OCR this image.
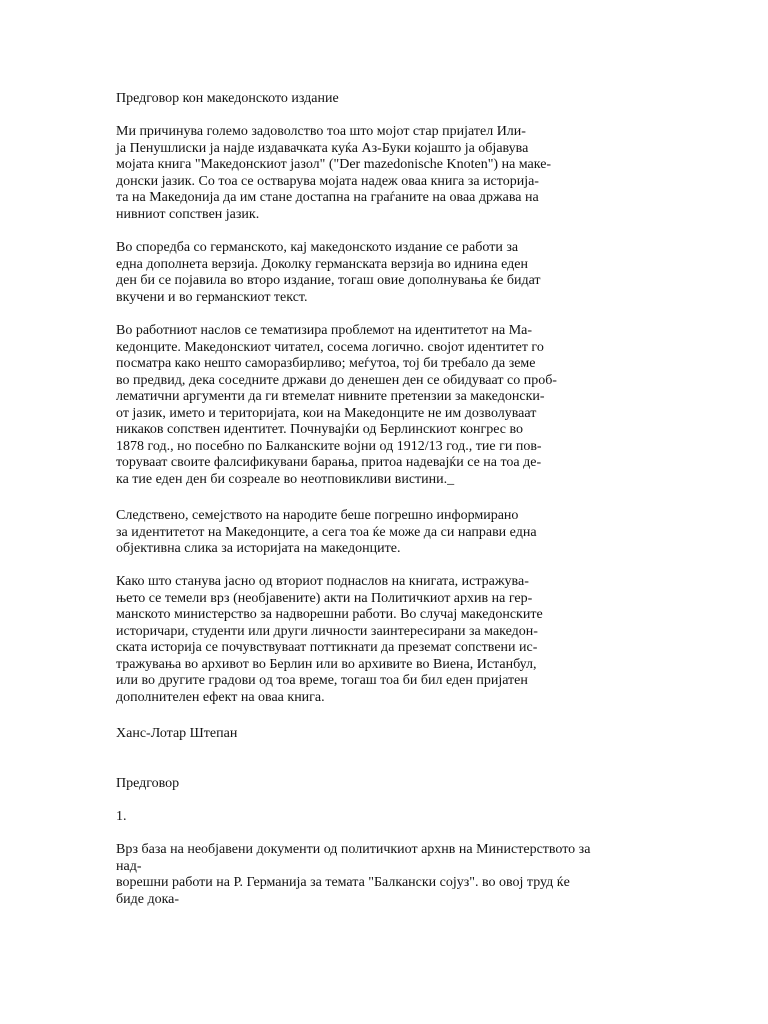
Предговор кон македонското издание
Ми причинува големо задоволство тоа што мојот стар пријател Или-
ја Пенушлиски ја најде издавачката куќа Аз-Буки којашто ја објавува
мојата книга "Македонскиот јазол" ("Der mazedonische Knoten") на маке-
донски јазик. Со тоа се остварува мојата надеж оваа книга за историја-
та на Македонија да им стане достапна на граѓаните на оваа држава на
нивниот сопствен јазик.
Во споредба со германското, кај македонското издание се работи за
една дополнета верзија. Доколку германската верзија во иднина еден
ден би се појавила во второ издание, тогаш овие дополнувања ќе бидат
вкучени и во германскиот текст.
Во работниот наслов се тематизира проблемот на идентитетот на Ма-
кедонците. Македонскиот читател, сосема логично. својот идентитет го
посматра како нешто саморазбирливо; меѓутоа, тој би требало да земе
во предвид, дека соседните држави до денешен ден се обидуваат со проб-
лематични аргументи да ги втемелат нивните претензии за македонски-
от јазик, името и територијата, кои на Македонците не им дозволуваат
никаков сопствен идентитет. Почнувајќи од Берлинскиот конгрес во
1878 год., но посебно по Балканските војни од 1912/13 год., тие ги пов-
торуваат своите фалсификувани барања, притоа надевајќи се на тоа де-
ка тие еден ден би созреале во неотповикливи вистини._
Следствено, семејството на народите беше погрешно информирано
за идентитетот на Македонците, а сега тоа ќе може да си направи една
објективна слика за историјата на македонците.
Како што станува јасно од втoриот поднаслов на книгата, истражува-
њето се темели врз (необјавените) акти на Политичкиот архив на гер-
манското министерство за надворешни работи. Во случај македонските
историчари, студенти или други личности заинтересирани за македон-
ската историја се почувствуваат поттикнати да преземат сопствени ис-
тражувања во архивот во Берлин или во архивите во Виена, Истанбул,
или во другите градови од тоа време, тогаш тоа би бил еден пријатен
дополнителен ефект на оваа книга.
Ханс-Лотар Штепан
Предговор
1.
Врз база на необјавени документи од политичкиот архнв на Министерството за
над-
ворешни работи на Р. Германија за темата "Балкански сојуз". во овој труд ќе
биде дока-
